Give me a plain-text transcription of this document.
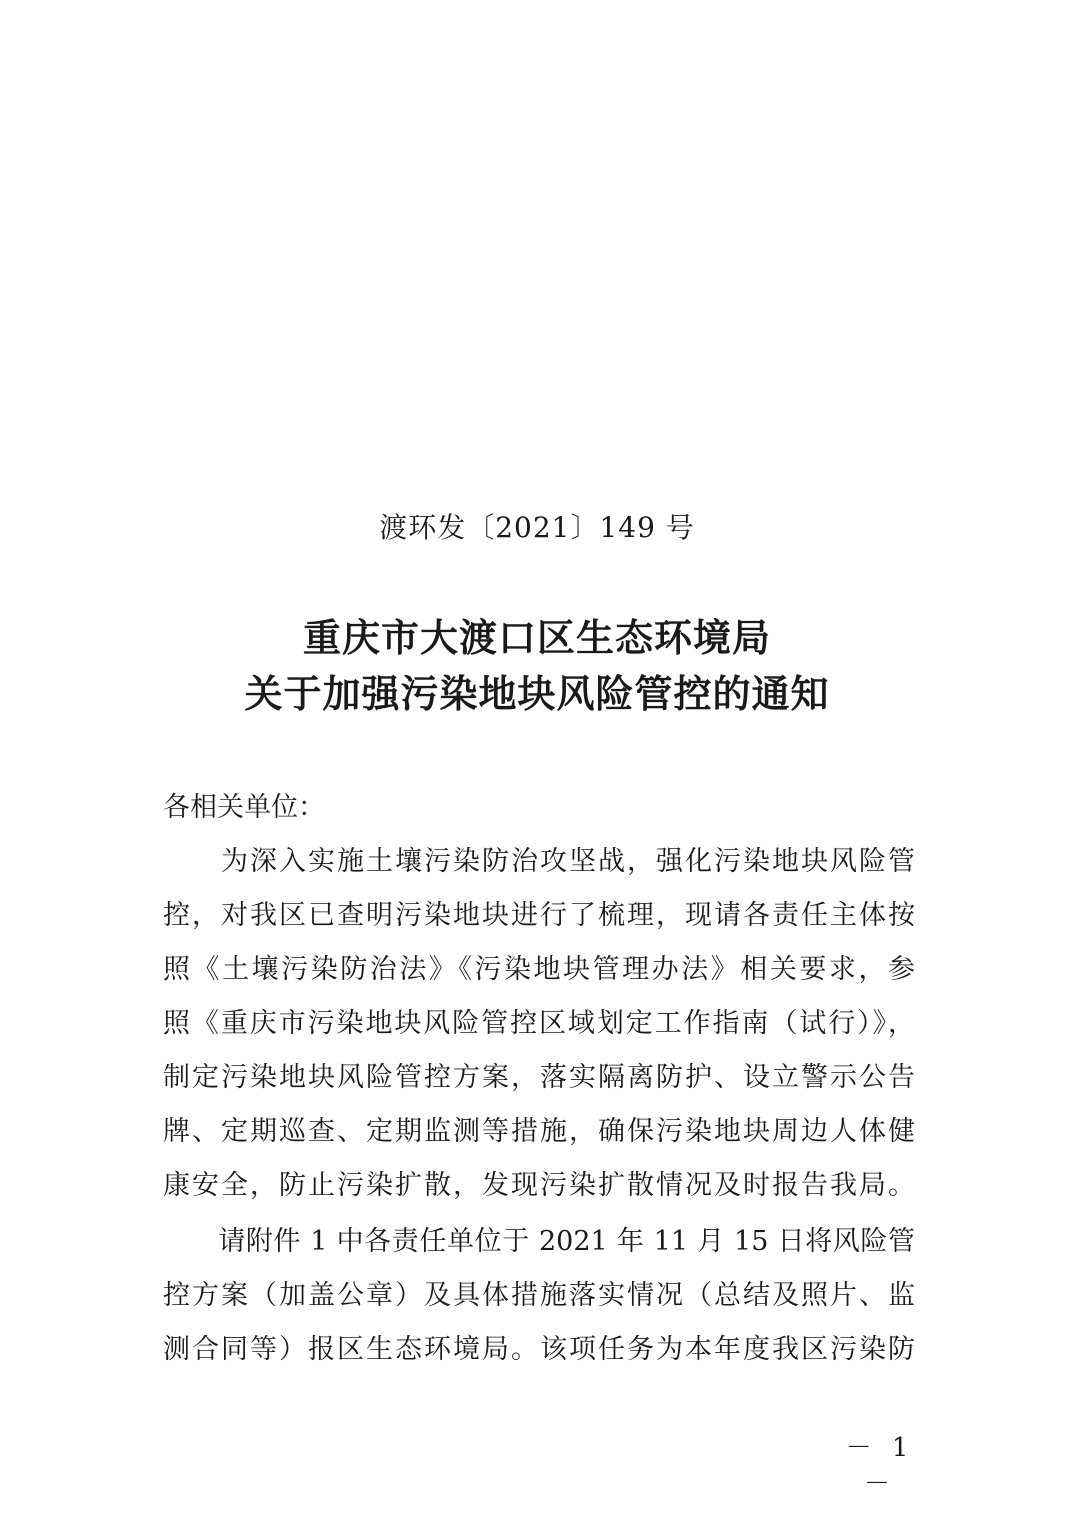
渡环发〔2021〕149 号
重庆市大渡口区生态环境局
关于加强污染地块风险管控的通知
各相关单位：
　　为深入实施土壤污染防治攻坚战，强化污染地块风险管
控，对我区已查明污染地块进行了梳理，现请各责任主体按
照《土壤污染防治法》《污染地块管理办法》相关要求，参
照《重庆市污染地块风险管控区域划定工作指南（试行）》，
制定污染地块风险管控方案，落实隔离防护、设立警示公告
牌、定期巡查、定期监测等措施，确保污染地块周边人体健
康安全，防止污染扩散，发现污染扩散情况及时报告我局。
　　请附件 1 中各责任单位于 2021 年 11 月 15 日将风险管
控方案（加盖公章）及具体措施落实情况（总结及照片、监
测合同等）报区生态环境局。该项任务为本年度我区污染防
－ 1 －
